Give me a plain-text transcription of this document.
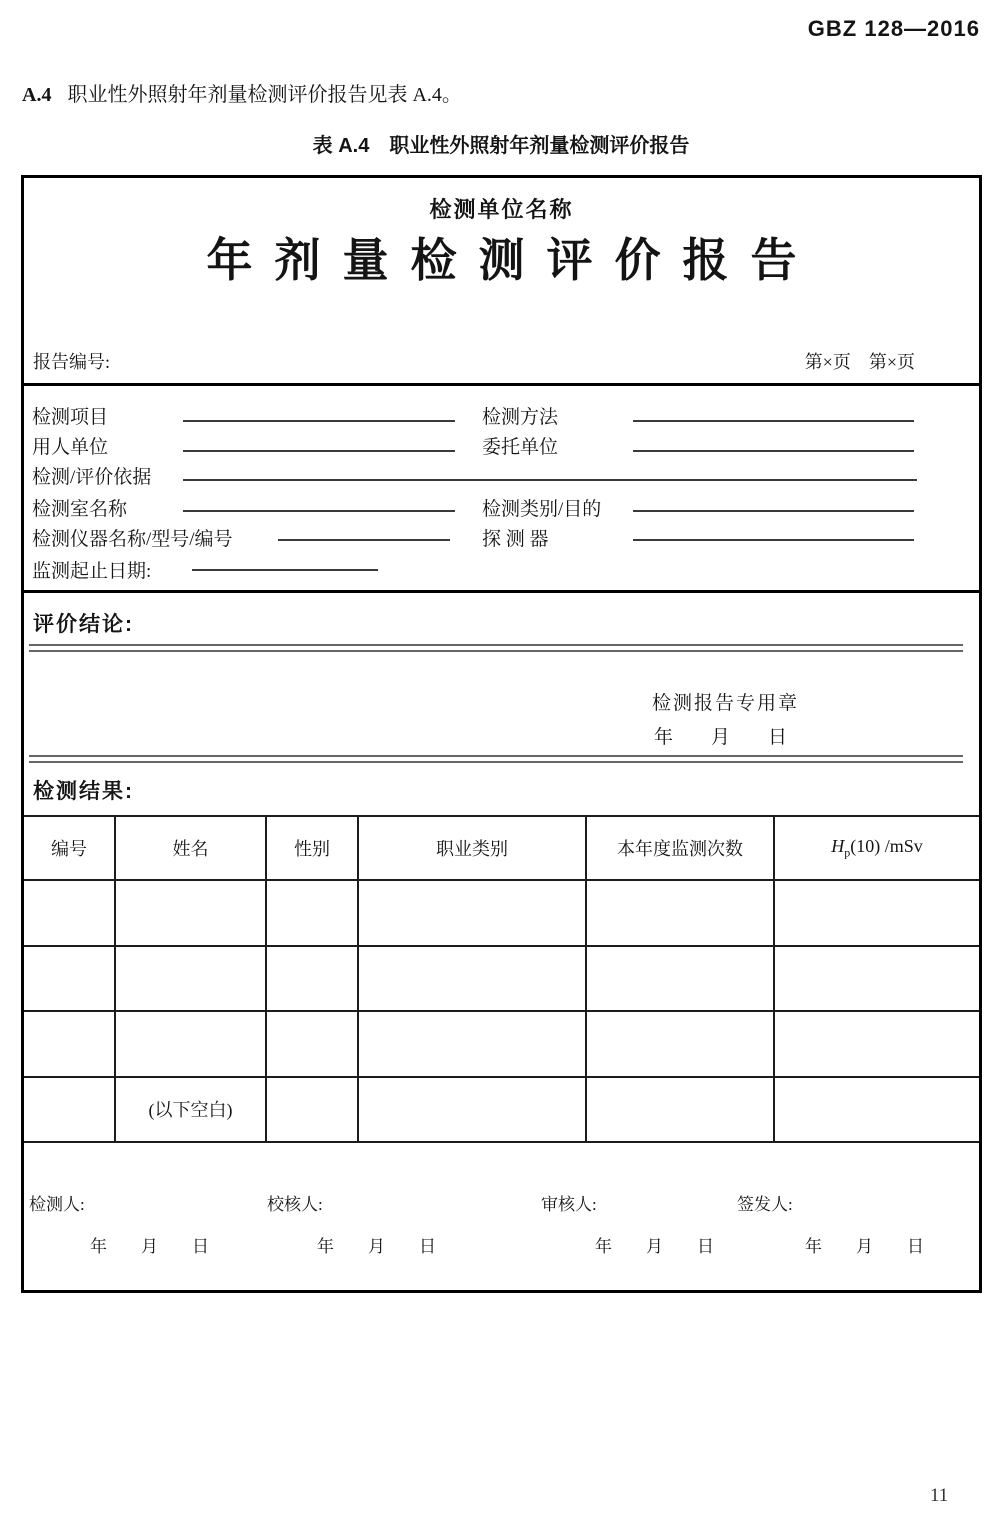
GBZ 128—2016
A.4 职业性外照射年剂量检测评价报告见表 A.4。
表 A.4　职业性外照射年剂量检测评价报告
检测单位名称
年剂量检测评价报告
报告编号:	第×页　第×页
检测项目	检测方法
用人单位	委托单位
检测/评价依据
检测室名称	检测类别/目的
检测仪器名称/型号/编号	探 测 器
监测起止日期:
评价结论:
检测报告专用章
年　　月　　日
检测结果:
编号	姓名	性别	职业类别	本年度监测次数	$H_p(10)$ /mSv

	(以下空白)				
检测人:	校核人:	审核人:	签发人:
年　　月　　日	年　　月　　日	年　　月　　日	年　　月　　日
11
